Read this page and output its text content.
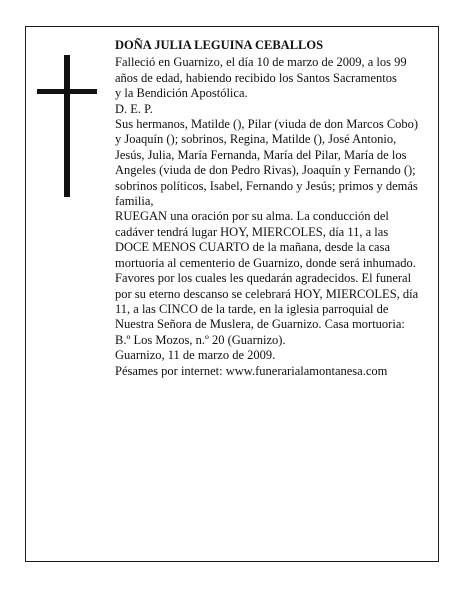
DOÑA JULIA LEGUINA CEBALLOS

Falleció en Guarnizo, el día 10 de marzo de 2009, a los 99 años de edad, habiendo recibido los Santos Sacramentos

y la Bendición Apostólica.

D. E. P.

Sus hermanos, Matilde (), Pilar (viuda de don Marcos Cobo) y Joaquín (); sobrinos, Regina, Matilde (), José Antonio, Jesús, Julia, María Fernanda, María del Pilar, María de los Angeles (viuda de don Pedro Rivas), Joaquín y Fernando (); sobrinos políticos, Isabel, Fernando y Jesús; primos y demás familia,

RUEGAN una oración por su alma. La conducción del cadáver tendrá lugar HOY, MIERCOLES, día 11, a las DOCE MENOS CUARTO de la mañana, desde la casa mortuoria al cementerio de Guarnizo, donde será inhumado. Favores por los cuales les quedarán agradecidos. El funeral por su eterno descanso se celebrará HOY, MIERCOLES, día 11, a las CINCO de la tarde, en la iglesia parroquial de Nuestra Señora de Muslera, de Guarnizo. Casa mortuoria: B.º Los Mozos, n.º 20 (Guarnizo).

Guarnizo, 11 de marzo de 2009.

Pésames por internet: www.funerarialamontanesa.com
